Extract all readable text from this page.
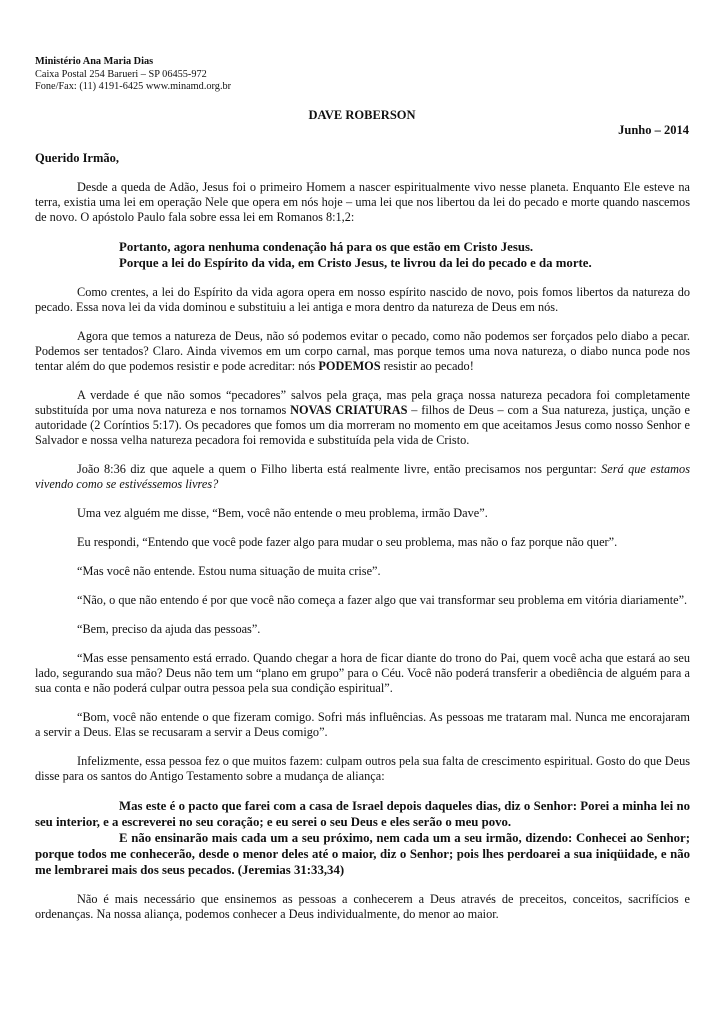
Ministério Ana Maria Dias
Caixa Postal 254 Barueri – SP 06455-972
Fone/Fax: (11) 4191-6425 www.minamd.org.br
DAVE ROBERSON
Junho – 2014
Querido Irmão,

Desde a queda de Adão, Jesus foi o primeiro Homem a nascer espiritualmente vivo nesse planeta. Enquanto Ele esteve na terra, existia uma lei em operação Nele que opera em nós hoje – uma lei que nos libertou da lei do pecado e morte quando nascemos de novo. O apóstolo Paulo fala sobre essa lei em Romanos 8:1,2:

Portanto, agora nenhuma condenação há para os que estão em Cristo Jesus.
Porque a lei do Espírito da vida, em Cristo Jesus, te livrou da lei do pecado e da morte.

Como crentes, a lei do Espírito da vida agora opera em nosso espírito nascido de novo, pois fomos libertos da natureza do pecado. Essa nova lei da vida dominou e substituiu a lei antiga e mora dentro da natureza de Deus em nós.

Agora que temos a natureza de Deus, não só podemos evitar o pecado, como não podemos ser forçados pelo diabo a pecar. Podemos ser tentados? Claro. Ainda vivemos em um corpo carnal, mas porque temos uma nova natureza, o diabo nunca pode nos tentar além do que podemos resistir e pode acreditar: nós PODEMOS resistir ao pecado!

A verdade é que não somos “pecadores” salvos pela graça, mas pela graça nossa natureza pecadora foi completamente substituída por uma nova natureza e nos tornamos NOVAS CRIATURAS – filhos de Deus – com a Sua natureza, justiça, unção e autoridade (2 Coríntios 5:17). Os pecadores que fomos um dia morreram no momento em que aceitamos Jesus como nosso Senhor e Salvador e nossa velha natureza pecadora foi removida e substituída pela vida de Cristo.

João 8:36 diz que aquele a quem o Filho liberta está realmente livre, então precisamos nos perguntar: Será que estamos vivendo como se estivéssemos livres?

Uma vez alguém me disse, “Bem, você não entende o meu problema, irmão Dave”.

Eu respondi, “Entendo que você pode fazer algo para mudar o seu problema, mas não o faz porque não quer”.

“Mas você não entende. Estou numa situação de muita crise”.

“Não, o que não entendo é por que você não começa a fazer algo que vai transformar seu problema em vitória diariamente”.

“Bem, preciso da ajuda das pessoas”.

“Mas esse pensamento está errado. Quando chegar a hora de ficar diante do trono do Pai, quem você acha que estará ao seu lado, segurando sua mão? Deus não tem um “plano em grupo” para o Céu. Você não poderá transferir a obediência de alguém para a sua conta e não poderá culpar outra pessoa pela sua condição espiritual”.

“Bom, você não entende o que fizeram comigo. Sofri más influências. As pessoas me trataram mal. Nunca me encorajaram a servir a Deus. Elas se recusaram a servir a Deus comigo”.

Infelizmente, essa pessoa fez o que muitos fazem: culpam outros pela sua falta de crescimento espiritual. Gosto do que Deus disse para os santos do Antigo Testamento sobre a mudança de aliança:

Mas este é o pacto que farei com a casa de Israel depois daqueles dias, diz o Senhor: Porei a minha lei no seu interior, e a escreverei no seu coração; e eu serei o seu Deus e eles serão o meu povo.

E não ensinarão mais cada um a seu próximo, nem cada um a seu irmão, dizendo: Conhecei ao Senhor; porque todos me conhecerão, desde o menor deles até o maior, diz o Senhor; pois lhes perdoarei a sua iniqüidade, e não me lembrarei mais dos seus pecados. (Jeremias 31:33,34)

Não é mais necessário que ensinemos as pessoas a conhecerem a Deus através de preceitos, conceitos, sacrifícios e ordenanças. Na nossa aliança, podemos conhecer a Deus individualmente, do menor ao maior.
